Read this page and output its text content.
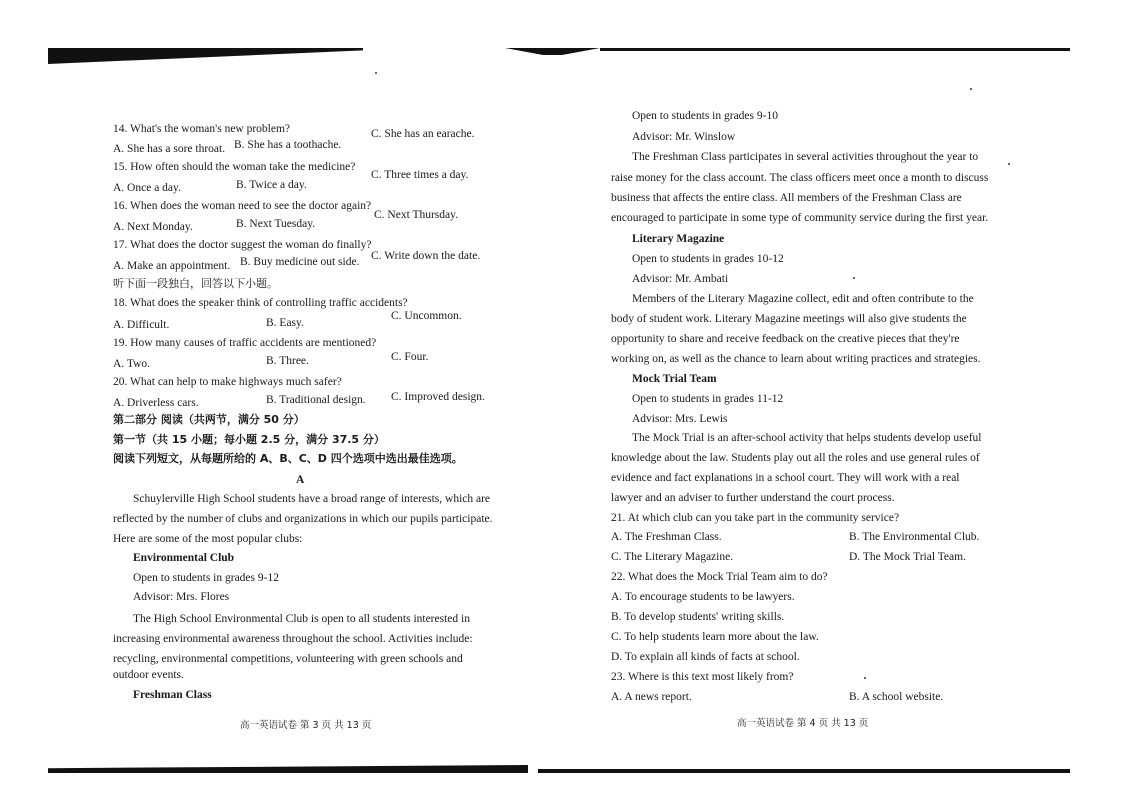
14. What's the woman's new problem?
A. She has a sore throat. B. She has a toothache.
C. She has an earache.
15. How often should the woman take the medicine?
A. Once a day.	B. Twice a day.
C. Three times a day.
16. When does the woman need to see the doctor again?
A. Next Monday.	B. Next Tuesday.
C. Next Thursday.
17. What does the doctor suggest the woman do finally?
A. Make an appointment. B. Buy medicine out side. C. Write down the date.
听下面一段独白，回答以下小题。
18. What does the speaker think of controlling traffic accidents?
A. Difficult.	B. Easy.
C. Uncommon.
19. How many causes of traffic accidents are mentioned?
A. Two.	B. Three.	C. Four.
20. What can help to make highways much safer?
A. Driverless cars.	B. Traditional design. C. Improved design.
第二部分 阅读（共两节，满分 50 分）
第一节（共 15 小题；每小题 2.5 分，满分 37.5 分）
阅读下列短文，从每题所给的 A、B、C、D 四个选项中选出最佳选项。
A
Schuylerville High School students have a broad range of interests, which are
reflected by the number of clubs and organizations in which our pupils participate.
Here are some of the most popular clubs:
Environmental Club
Open to students in grades 9-12
Advisor: Mrs. Flores
The High School Environmental Club is open to all students interested in
increasing environmental awareness throughout the school. Activities include:
recycling, environmental competitions, volunteering with green schools and
outdoor events.
Freshman Class
高一英语试卷 第 3 页 共 13 页
Open to students in grades 9-10
Advisor: Mr. Winslow
The Freshman Class participates in several activities throughout the year to
raise money for the class account. The class officers meet once a month to discuss
business that affects the entire class. All members of the Freshman Class are
encouraged to participate in some type of community service during the first year.
Literary Magazine
Open to students in grades 10-12
Advisor: Mr. Ambati
Members of the Literary Magazine collect, edit and often contribute to the
body of student work. Literary Magazine meetings will also give students the
opportunity to share and receive feedback on the creative pieces that they're
working on, as well as the chance to learn about writing practices and strategies.
Mock Trial Team
Open to students in grades 11-12
Advisor: Mrs. Lewis
The Mock Trial is an after-school activity that helps students develop useful
knowledge about the law. Students play out all the roles and use general rules of
evidence and fact explanations in a school court. They will work with a real
lawyer and an adviser to further understand the court process.
21. At which club can you take part in the community service?
A. The Freshman Class.	B. The Environmental Club.
C. The Literary Magazine.	D. The Mock Trial Team.
22. What does the Mock Trial Team aim to do?
A. To encourage students to be lawyers.
B. To develop students' writing skills.
C. To help students learn more about the law.
D. To explain all kinds of facts at school.
23. Where is this text most likely from?
A. A news report.	B. A school website.
高一英语试卷 第 4 页 共 13 页
